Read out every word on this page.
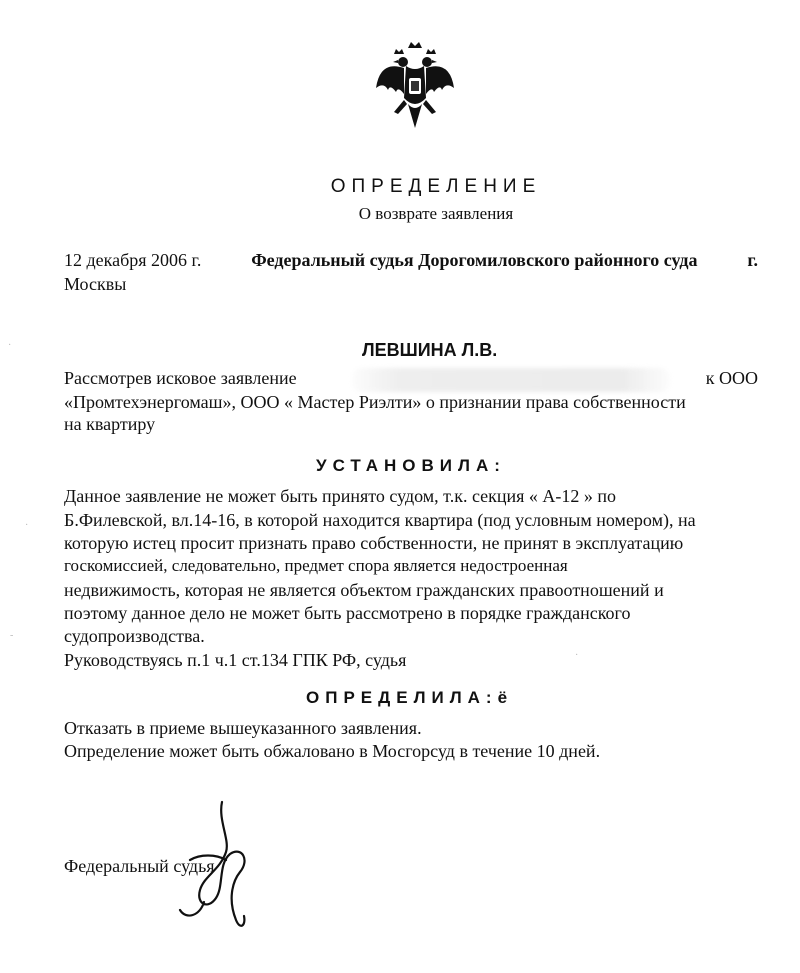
ОПРЕДЕЛЕНИЕ
О возврате заявления
12 декабря 2006 г.	Федеральный судья Дорогомиловского районного суда	г.
Москвы
ЛЕВШИНА Л.В.
Рассмотрев исковое заявление	к ООО
«Промтехэнергомаш», ООО « Мастер Риэлти» о признании права собственности
на квартиру
УСТАНОВИЛА:
Данное заявление не может быть принято судом, т.к. секция « А-12 » по
Б.Филевской, вл.14-16, в которой находится квартира (под условным номером), на
которую истец просит признать право собственности, не принят в эксплуатацию
госкомиссией, следовательно, предмет спора является недостроенная
недвижимость, которая не является объектом гражданских правоотношений и
поэтому данное дело не может быть рассмотрено в порядке гражданского
судопроизводства.
Руководствуясь п.1 ч.1 ст.134 ГПК РФ, судья
ОПРЕДЕЛИЛА:ё
Отказать в приеме вышеуказанного заявления.
Определение может быть обжаловано в Мосгорсуд в течение 10 дней.
Федеральный судья
·
-
·
·
